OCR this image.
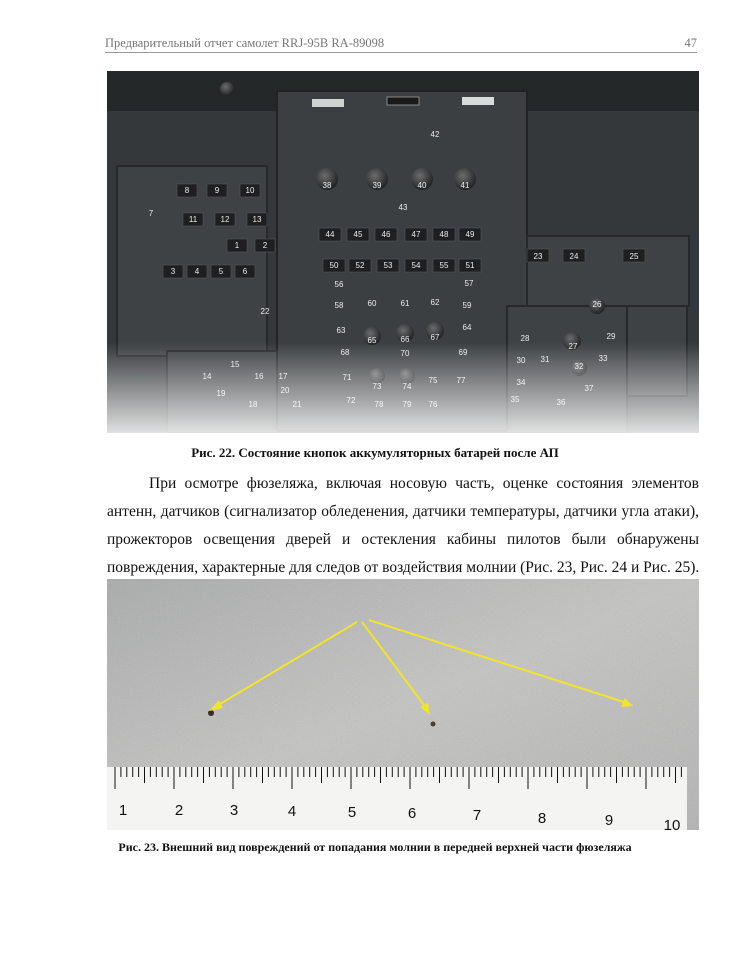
Предварительный отчет самолет RRJ-95B RA-89098	47
Рис. 22. Состояние кнопок аккумуляторных батарей после АП
При осмотре фюзеляжа, включая носовую часть, оценке состояния элементов
антенн, датчиков (сигнализатор обледенения, датчики температуры, датчики угла атаки),
прожекторов освещения дверей и остекления кабины пилотов были обнаружены
повреждения, характерные для следов от воздействия молнии (Рис. 23, Рис. 24 и Рис. 25).
1	2	3	4	5	6	7	8	9	10
Рис. 23. Внешний вид повреждений от попадания молнии в передней верхней части фюзеляжа
